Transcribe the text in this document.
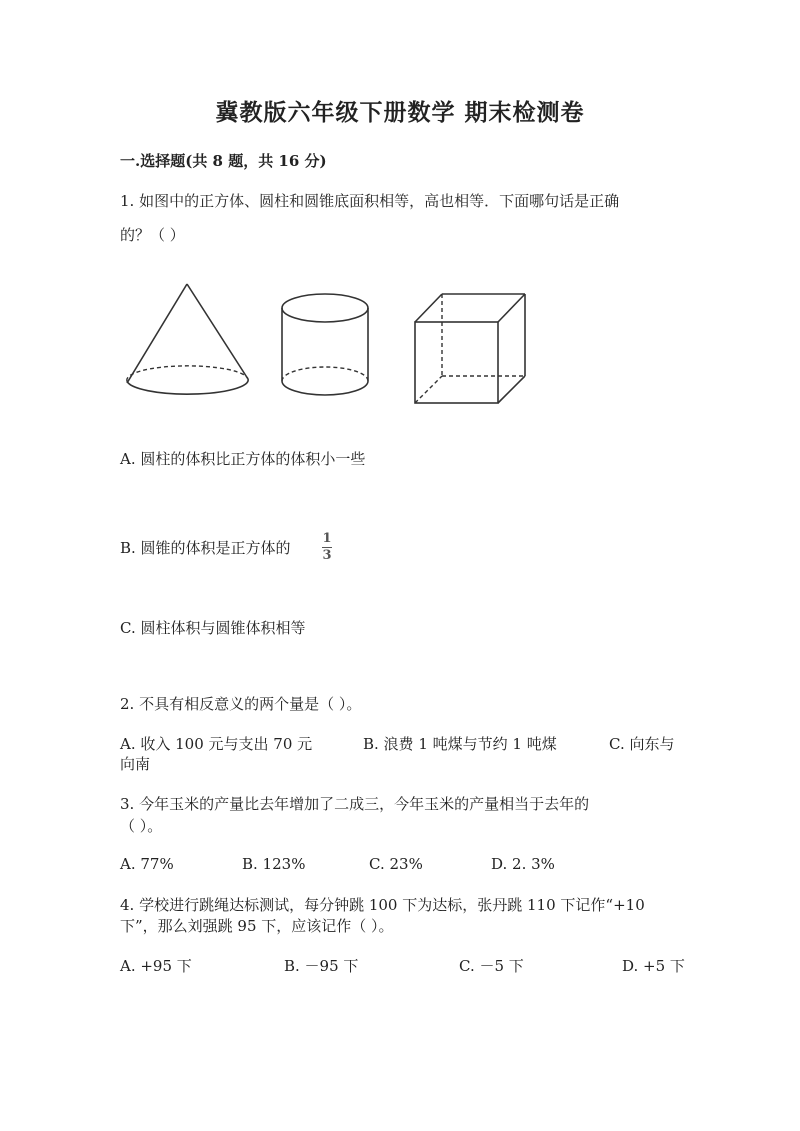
冀教版六年级下册数学 期末检测卷
一.选择题(共 8 题，共 16 分)
1. 如图中的正方体、圆柱和圆锥底面积相等，高也相等．下面哪句话是正确
的？（ ）
A. 圆柱的体积比正方体的体积小一些
B. 圆锥的体积是正方体的
1
3
C. 圆柱体积与圆锥体积相等
2. 不具有相反意义的两个量是（ ）。
A. 收入 100 元与支出 70 元	B. 浪费 1 吨煤与节约 1 吨煤	C. 向东与
向南
3. 今年玉米的产量比去年增加了二成三，今年玉米的产量相当于去年的
（ ）。
A. 77%	B. 123%	C. 23%	D. 2. 3%
4. 学校进行跳绳达标测试，每分钟跳 100 下为达标，张丹跳 110 下记作“+10
下”，那么刘强跳 95 下，应该记作（ ）。
A. +95 下	B. －95 下	C. －5 下	D. +5 下
